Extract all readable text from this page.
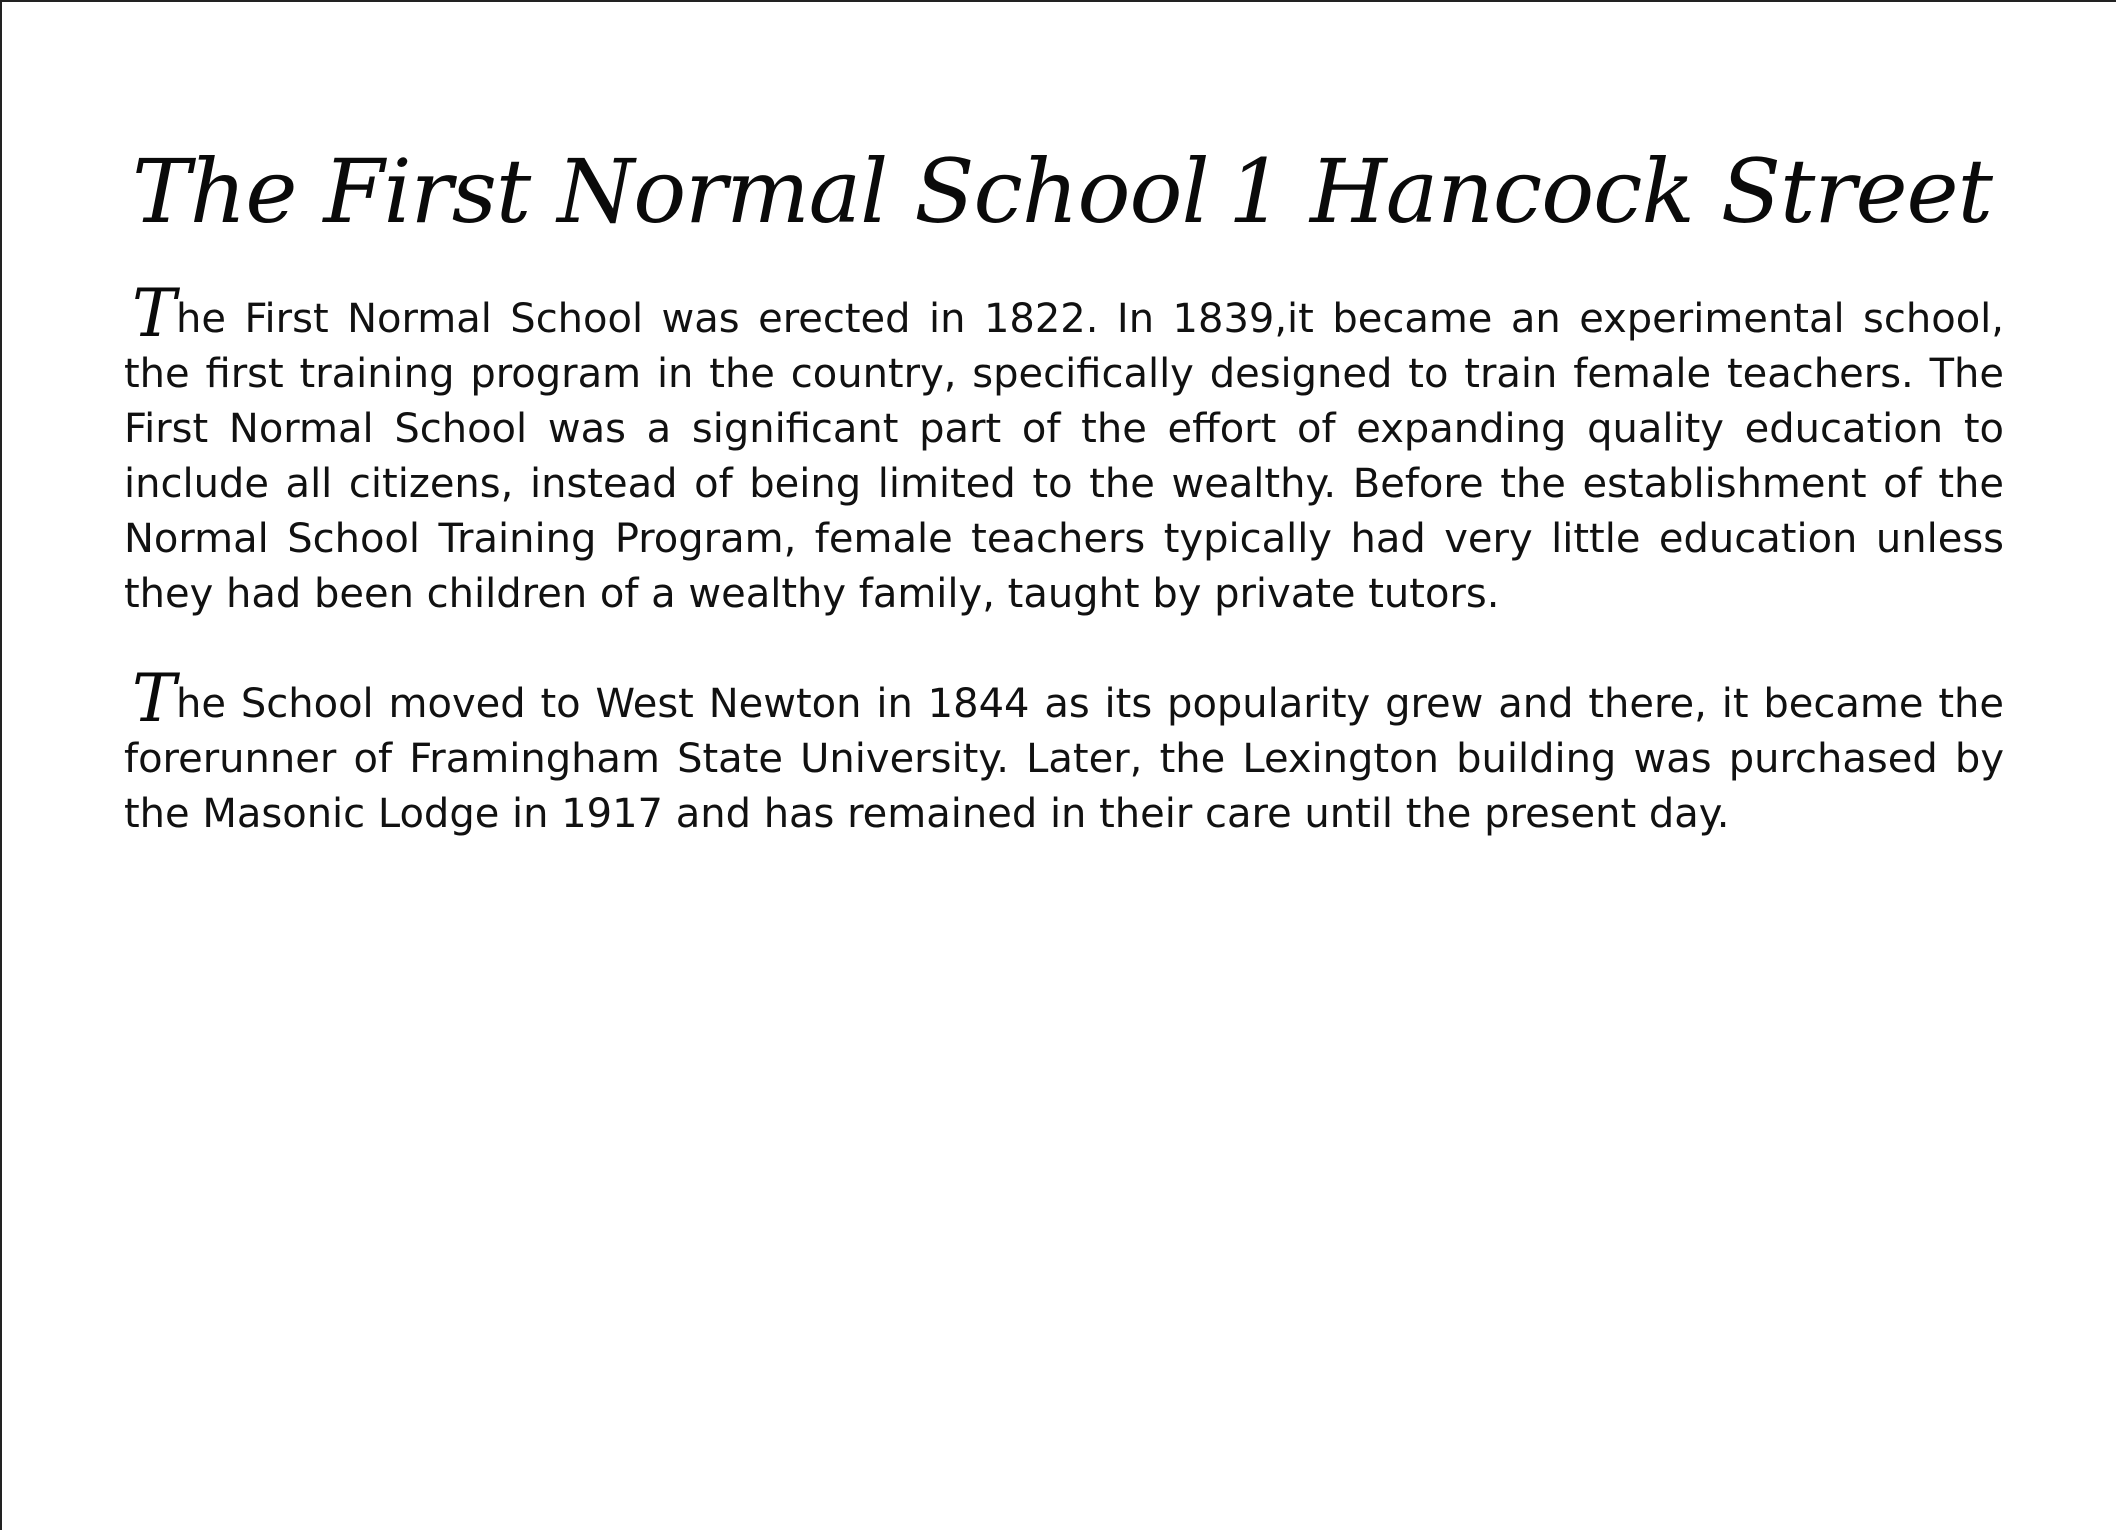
The First Normal School 1 Hancock Street

The First Normal School was erected in 1822. In 1839,it became an experimental school, the first training program in the country, specifically designed to train female teachers. The First Normal School was a significant part of the effort of expanding quality education to include all citizens, instead of being limited to the wealthy. Before the establishment of the Normal School Training Program, female teachers typically had very little education unless they had been children of a wealthy family, taught by private tutors.

The School moved to West Newton in 1844 as its popularity grew and there, it became the forerunner of Framingham State University. Later, the Lexington building was purchased by the Masonic Lodge in 1917 and has remained in their care until the present day.
